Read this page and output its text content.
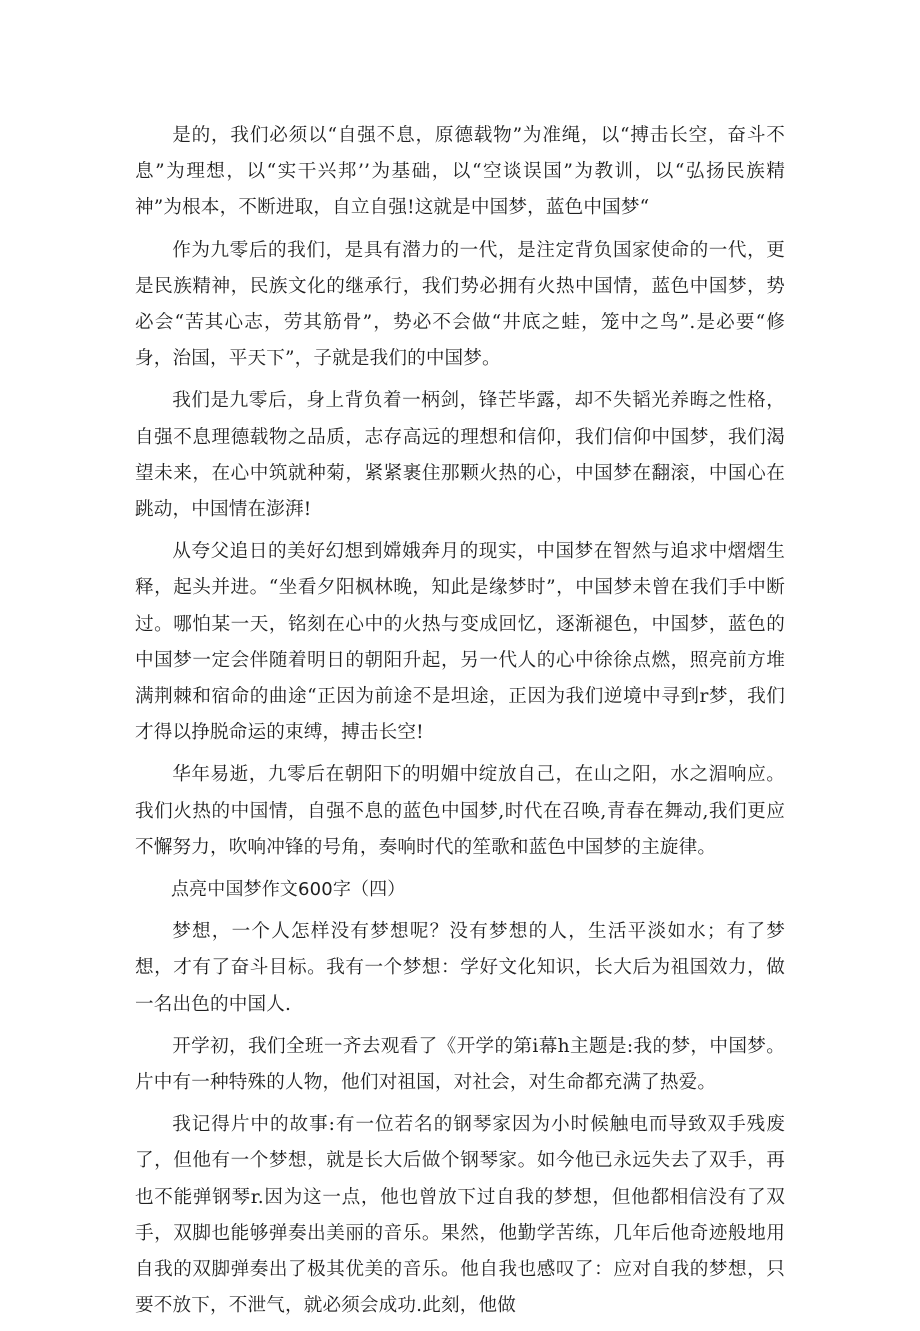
是的，我们必须以“自强不息，原德载物”为准绳，以“搏击长空，奋斗不息”为理想，以“实干兴邦’’为基础，以“空谈误国”为教训，以“弘扬民族精神”为根本，不断进取，自立自强!这就是中国梦，蓝色中国梦“

作为九零后的我们，是具有潜力的一代，是注定背负国家使命的一代，更是民族精神，民族文化的继承行，我们势必拥有火热中国情，蓝色中国梦，势必会“苦其心志，劳其筋骨”，势必不会做“井底之蛙，笼中之鸟”.是必要“修身，治国，平天下”，子就是我们的中国梦。

我们是九零后，身上背负着一柄剑，锋芒毕露，却不失韬光养晦之性格，自强不息理德载物之品质，志存高远的理想和信仰，我们信仰中国梦，我们渴望未来，在心中筑就种菊，紧紧裹住那颗火热的心，中国梦在翻滚，中国心在跳动，中国情在澎湃!

从夸父追日的美好幻想到嫦娥奔月的现实，中国梦在智然与追求中熠熠生释，起头并进。“坐看夕阳枫林晚，知此是缘梦时”，中国梦未曾在我们手中断过。哪怕某一天，铭刻在心中的火热与变成回忆，逐渐褪色，中国梦，蓝色的中国梦一定会伴随着明日的朝阳升起，另一代人的心中徐徐点燃，照亮前方堆满荆棘和宿命的曲途“正因为前途不是坦途，正因为我们逆境中寻到r梦，我们才得以挣脱命运的束缚，搏击长空!

华年易逝，九零后在朝阳下的明媚中绽放自己，在山之阳，水之湄响应。我们火热的中国情，自强不息的蓝色中国梦,时代在召唤,青春在舞动,我们更应不懈努力，吹响冲锋的号角，奏响时代的笙歌和蓝色中国梦的主旋律。

点亮中国梦作文600字（四）

梦想，一个人怎样没有梦想呢？没有梦想的人，生活平淡如水；有了梦想，才有了奋斗目标。我有一个梦想：学好文化知识，长大后为祖国效力，做一名出色的中国人.

开学初，我们全班一齐去观看了《开学的第i幕h主题是:我的梦，中国梦。片中有一种特殊的人物，他们对祖国，对社会，对生命都充满了热爱。

我记得片中的故事:有一位若名的钢琴家因为小时候触电而导致双手残废了，但他有一个梦想，就是长大后做个钢琴家。如今他已永远失去了双手，再也不能弹钢琴r.因为这一点，他也曾放下过自我的梦想，但他都相信没有了双手，双脚也能够弹奏出美丽的音乐。果然，他勤学苦练，几年后他奇迹般地用自我的双脚弹奏出了极其优美的音乐。他自我也感叹了：应对自我的梦想，只要不放下，不泄气，就必须会成功.此刻，他做
